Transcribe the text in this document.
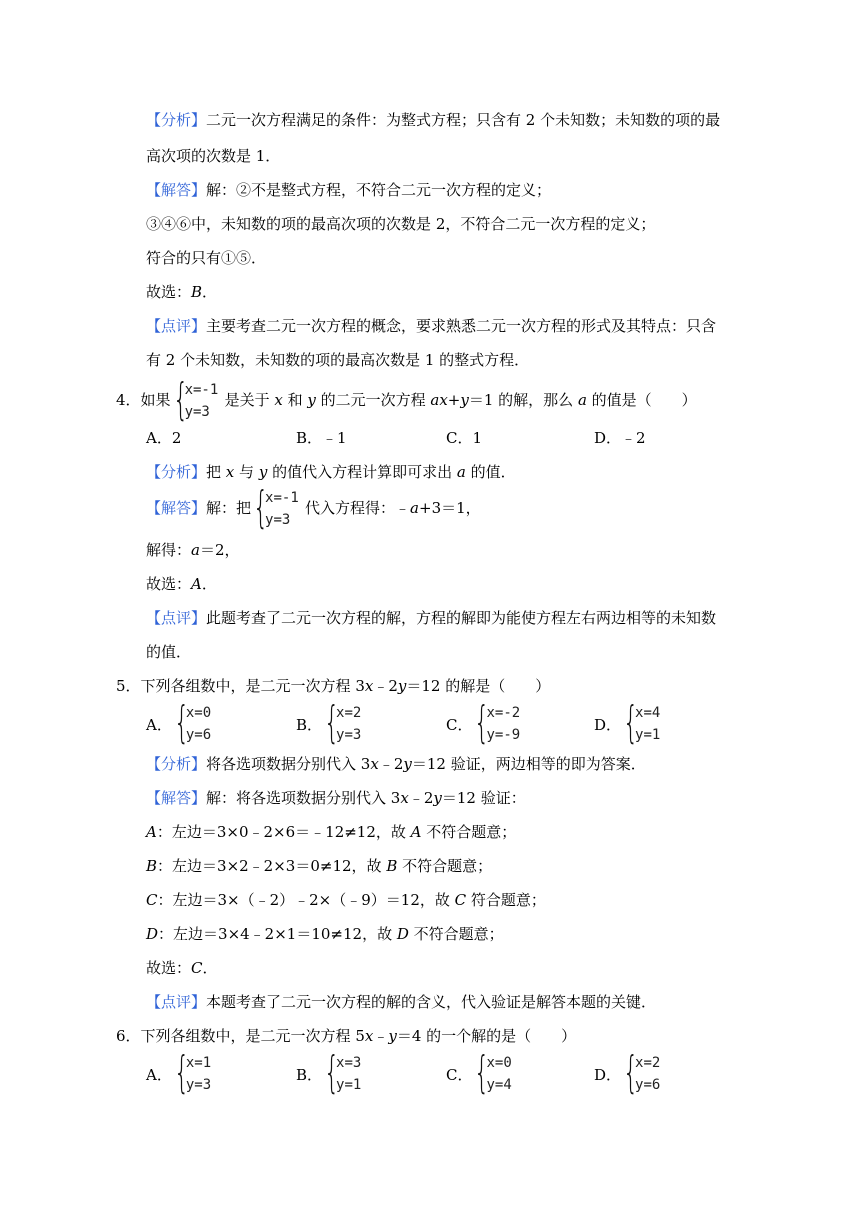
【分析】二元一次方程满足的条件：为整式方程；只含有 2 个未知数；未知数的项的最
高次项的次数是 1．
【解答】解：②不是整式方程，不符合二元一次方程的定义；
③④⑥中，未知数的项的最高次项的次数是 2，不符合二元一次方程的定义；
符合的只有①⑤．
故选：B．
【点评】主要考查二元一次方程的概念，要求熟悉二元一次方程的形式及其特点：只含
有 2 个未知数，未知数的项的最高次数是 1 的整式方程．
4．如果 {
x=-1
y=3
是关于 x 和 y 的二元一次方程 ax+y＝1 的解，那么 a 的值是（　　）
A．2	B．﹣1	C．1	D．﹣2
【分析】把 x 与 y 的值代入方程计算即可求出 a 的值．
【解答】解：把 {
x=-1
y=3
代入方程得：﹣a+3＝1，
解得：a＝2，
故选：A．
【点评】此题考查了二元一次方程的解，方程的解即为能使方程左右两边相等的未知数
的值．
5．下列各组数中，是二元一次方程 3x﹣2y＝12 的解是（　　）
A． {
x=0
y=6
B． {
x=2
y=3
C． {
x=-2
y=-9
D． {
x=4
y=1
【分析】将各选项数据分别代入 3x﹣2y＝12 验证，两边相等的即为答案．
【解答】解：将各选项数据分别代入 3x﹣2y＝12 验证：
A：左边＝3×0﹣2×6＝﹣12≠12，故 A 不符合题意；
B：左边＝3×2﹣2×3＝0≠12，故 B 不符合题意；
C：左边＝3×（﹣2）﹣2×（﹣9）＝12，故 C 符合题意；
D：左边＝3×4﹣2×1＝10≠12，故 D 不符合题意；
故选：C．
【点评】本题考查了二元一次方程的解的含义，代入验证是解答本题的关键．
6．下列各组数中，是二元一次方程 5x﹣y＝4 的一个解的是（　　）
A． {
x=1
y=3
B． {
x=3
y=1
C． {
x=0
y=4
D． {
x=2
y=6
